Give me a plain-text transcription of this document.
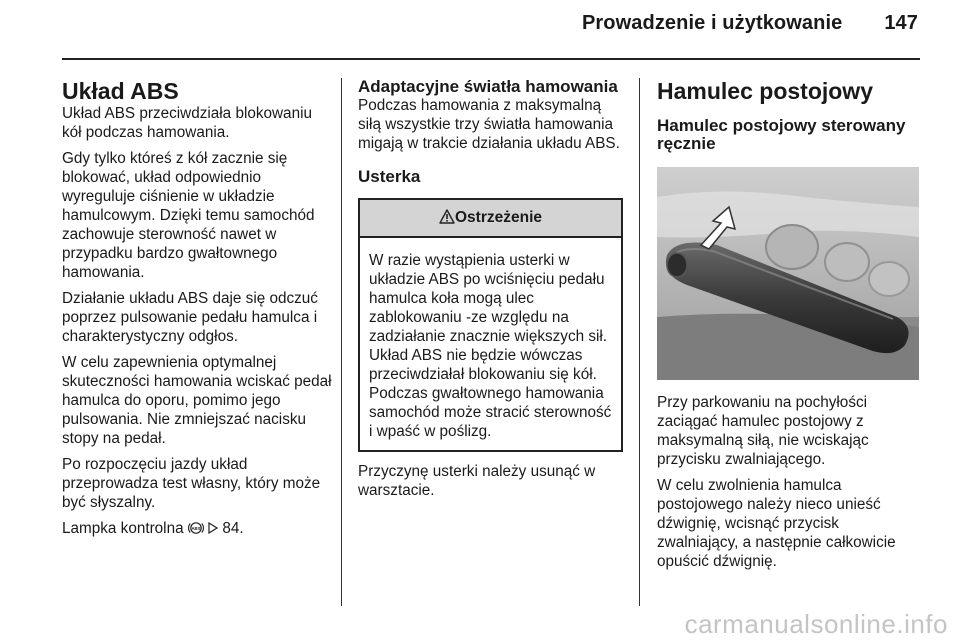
Prowadzenie i użytkowanie 147
Układ ABS

Układ ABS przeciwdziała blokowaniu kół podczas hamowania.

Gdy tylko któreś z kół zacznie się blokować, układ odpowiednio wyreguluje ciśnienie w układzie hamulcowym. Dzięki temu samochód zachowuje sterowność nawet w przypadku bardzo gwałtownego hamowania.

Działanie układu ABS daje się odczuć poprzez pulsowanie pedału hamulca i charakterystyczny odgłos.

W celu zapewnienia optymalnej skuteczności hamowania wciskać pedał hamulca do oporu, pomimo jego pulsowania. Nie zmniejszać nacisku stopy na pedał.

Po rozpoczęciu jazdy układ przeprowadza test własny, który może być słyszalny.

Lampka kontrolna ABS 84.

Adaptacyjne światła hamowania

Podczas hamowania z maksymalną siłą wszystkie trzy światła hamowania migają w trakcie działania układu ABS.

Usterka
Ostrzeżenie
W razie wystąpienia usterki w układzie ABS po wciśnięciu pedału hamulca koła mogą ulec zablokowaniu -ze względu na zadziałanie znacznie większych sił. Układ ABS nie będzie wówczas przeciwdziałał blokowaniu się kół. Podczas gwałtownego hamowania samochód może stracić sterowność i wpaść w poślizg.

Przyczynę usterki należy usunąć w warsztacie.

Hamulec postojowy
Hamulec postojowy sterowany ręcznie

Przy parkowaniu na pochyłości zaciągać hamulec postojowy z maksymalną siłą, nie wciskając przycisku zwalniającego.

W celu zwolnienia hamulca postojowego należy nieco unieść dźwignię, wcisnąć przycisk zwalniający, a następnie całkowicie opuścić dźwignię.

carmanualsonline.info
